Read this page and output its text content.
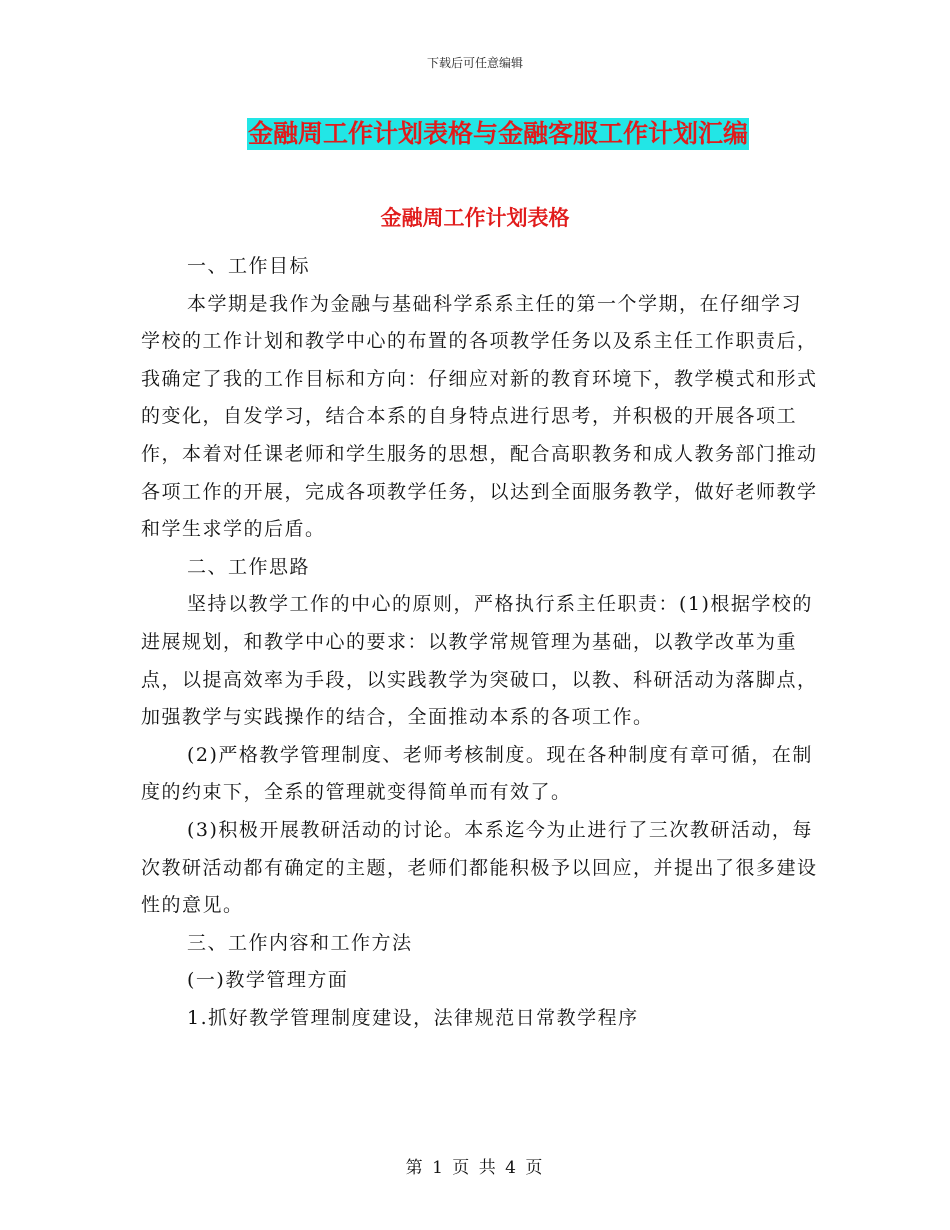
下载后可任意编辑
金融周工作计划表格与金融客服工作计划汇编
金融周工作计划表格

一、工作目标

本学期是我作为金融与基础科学系系主任的第一个学期，在仔细学习学校的工作计划和教学中心的布置的各项教学任务以及系主任工作职责后，我确定了我的工作目标和方向：仔细应对新的教育环境下，教学模式和形式的变化，自发学习，结合本系的自身特点进行思考，并积极的开展各项工作，本着对任课老师和学生服务的思想，配合高职教务和成人教务部门推动各项工作的开展，完成各项教学任务，以达到全面服务教学，做好老师教学和学生求学的后盾。

二、工作思路

坚持以教学工作的中心的原则，严格执行系主任职责：(1)根据学校的进展规划，和教学中心的要求：以教学常规管理为基础，以教学改革为重点，以提高效率为手段，以实践教学为突破口，以教、科研活动为落脚点，加强教学与实践操作的结合，全面推动本系的各项工作。

(2)严格教学管理制度、老师考核制度。现在各种制度有章可循，在制度的约束下，全系的管理就变得简单而有效了。

(3)积极开展教研活动的讨论。本系迄今为止进行了三次教研活动，每次教研活动都有确定的主题，老师们都能积极予以回应，并提出了很多建设性的意见。

三、工作内容和工作方法

(一)教学管理方面

1.抓好教学管理制度建设，法律规范日常教学程序

第 1 页 共 4 页
